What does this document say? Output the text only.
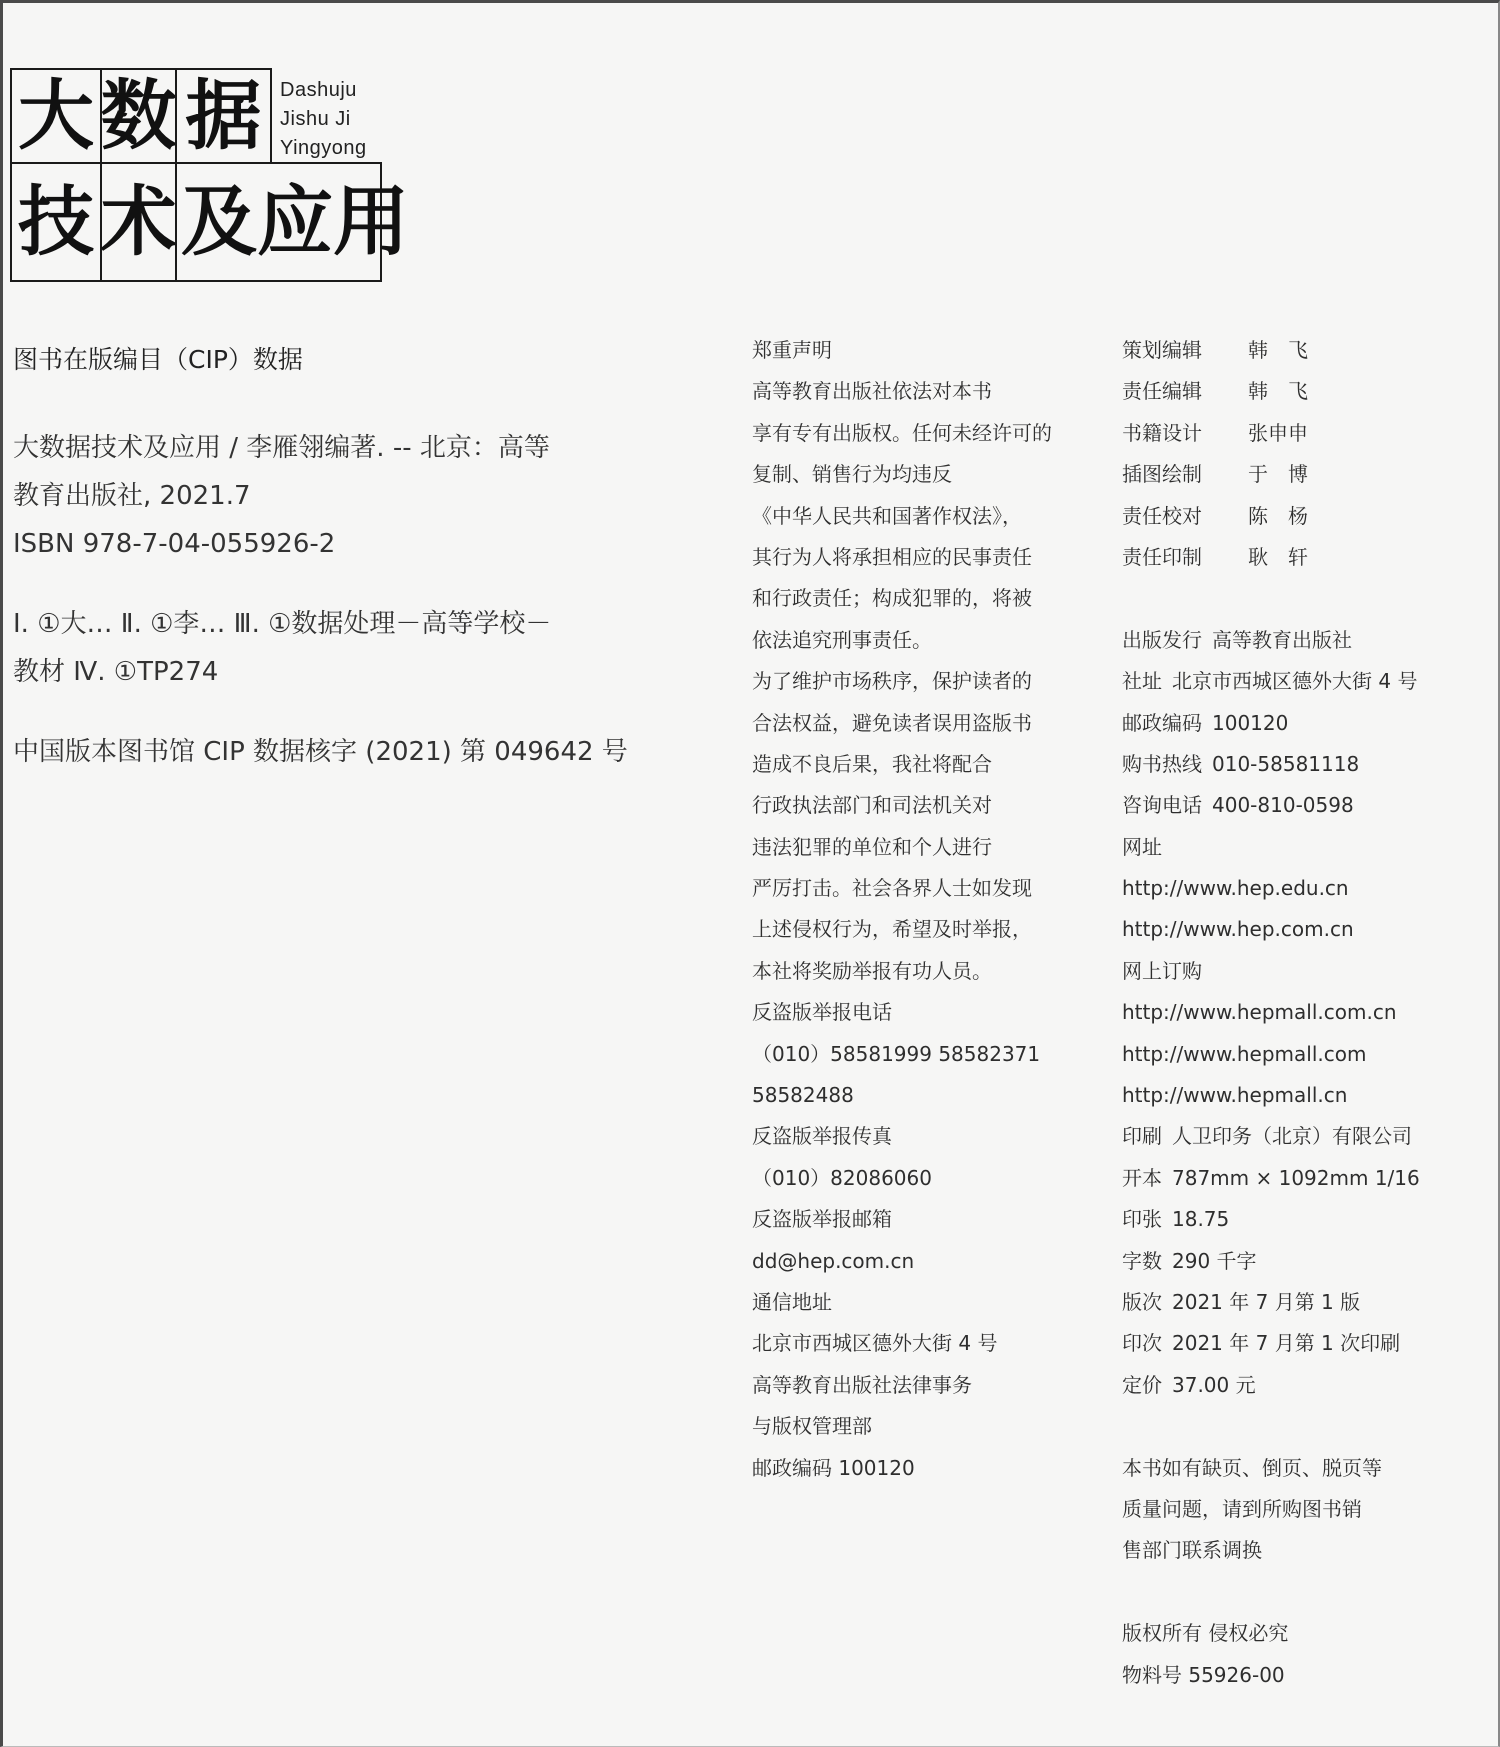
大 数 据
技 术 及 应 用
Dashuju
Jishu Ji
Yingyong
图书在版编目（CIP）数据
大数据技术及应用 / 李雁翎编著. -- 北京：高等
教育出版社, 2021.7
ISBN 978-7-04-055926-2
Ⅰ. ①大… Ⅱ. ①李… Ⅲ. ①数据处理－高等学校－
教材 Ⅳ. ①TP274
中国版本图书馆 CIP 数据核字 (2021) 第 049642 号
郑重声明
高等教育出版社依法对本书
享有专有出版权。任何未经许可的
复制、销售行为均违反
《中华人民共和国著作权法》，
其行为人将承担相应的民事责任
和行政责任；构成犯罪的，将被
依法追究刑事责任。
为了维护市场秩序，保护读者的
合法权益，避免读者误用盗版书
造成不良后果，我社将配合
行政执法部门和司法机关对
违法犯罪的单位和个人进行
严厉打击。社会各界人士如发现
上述侵权行为，希望及时举报，
本社将奖励举报有功人员。
反盗版举报电话
（010）58581999 58582371
58582488
反盗版举报传真
（010）82086060
反盗版举报邮箱
dd@hep.com.cn
通信地址
北京市西城区德外大街 4 号
高等教育出版社法律事务
与版权管理部
邮政编码 100120
策划编辑 韩　飞
责任编辑 韩　飞
书籍设计 张申申
插图绘制 于　博
责任校对 陈　杨
责任印制 耿　轩
出版发行 高等教育出版社
社址 北京市西城区德外大街 4 号
邮政编码 100120
购书热线 010-58581118
咨询电话 400-810-0598
网址
http://www.hep.edu.cn
http://www.hep.com.cn
网上订购
http://www.hepmall.com.cn
http://www.hepmall.com
http://www.hepmall.cn
印刷 人卫印务（北京）有限公司
开本 787mm × 1092mm 1/16
印张 18.75
字数 290 千字
版次 2021 年 7 月第 1 版
印次 2021 年 7 月第 1 次印刷
定价 37.00 元
本书如有缺页、倒页、脱页等
质量问题，请到所购图书销
售部门联系调换
版权所有 侵权必究
物料号 55926-00
